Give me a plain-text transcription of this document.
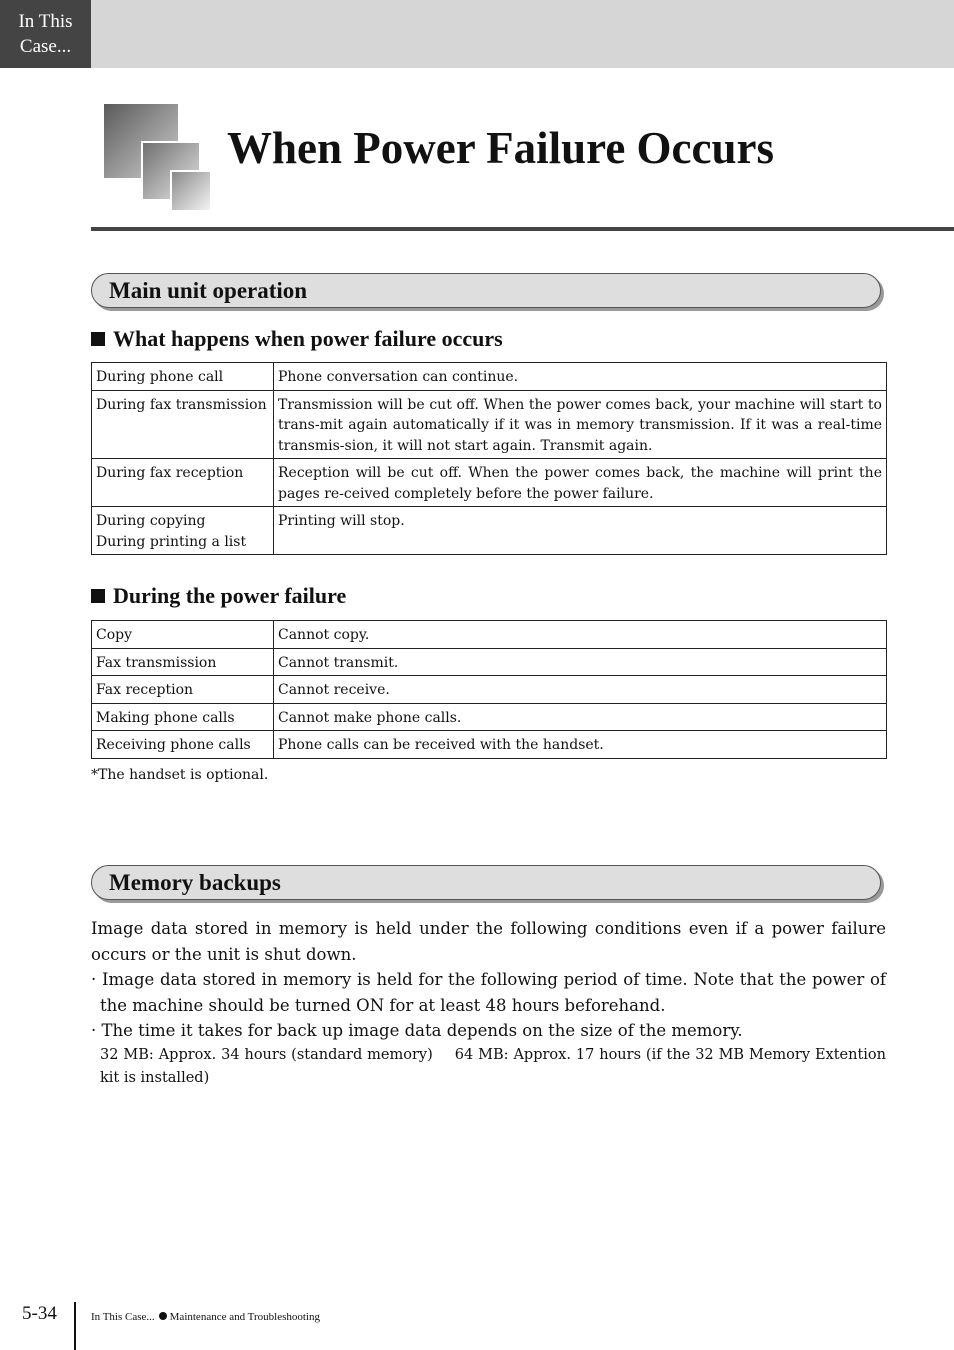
In This
Case...
When Power Failure Occurs
Main unit operation
What happens when power failure occurs
During phone call	Phone conversation can continue.

During fax transmission	Transmission will be cut off. When the power comes back, your machine will start to trans-mit again automatically if it was in memory transmission. If it was a real-time transmis-sion, it will not start again. Transmit again.

During fax reception	Reception will be cut off. When the power comes back, the machine will print the pages re-ceived completely before the power failure.

During copying
During printing a list	Printing will stop.
During the power failure
Copy	Cannot copy.
Fax transmission	Cannot transmit.
Fax reception	Cannot receive.
Making phone calls	Cannot make phone calls.
Receiving phone calls	Phone calls can be received with the handset.
*The handset is optional.
Memory backups

Image data stored in memory is held under the following conditions even if a power failure occurs or the unit is shut down.

· Image data stored in memory is held for the following period of time. Note that the power of the machine should be turned ON for at least 48 hours beforehand.

· The time it takes for back up image data depends on the size of the memory.

32 MB: Approx. 34 hours (standard memory) 64 MB: Approx. 17 hours (if the 32 MB Memory Extention kit is installed)

5-34	In This Case... Maintenance and Troubleshooting
